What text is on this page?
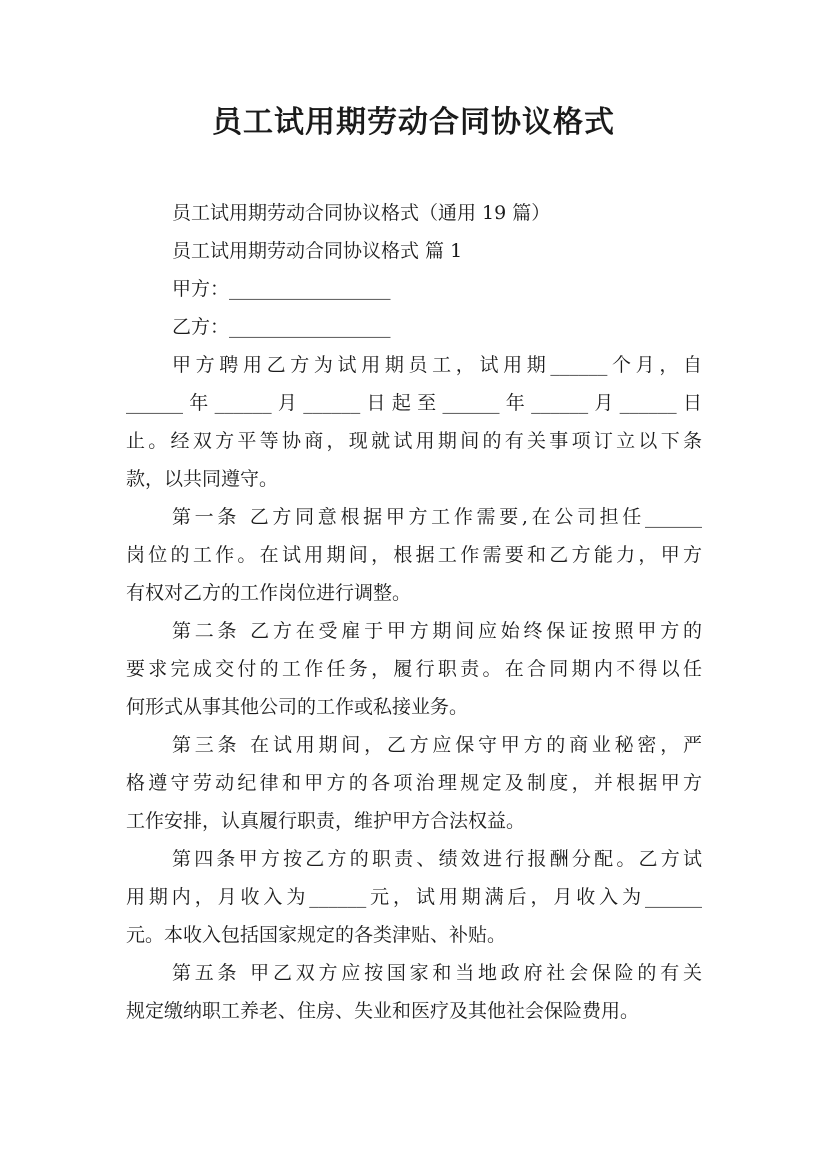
员工试用期劳动合同协议格式

员工试用期劳动合同协议格式（通用 19 篇）

员工试用期劳动合同协议格式 篇 1

甲方：_________________

乙方：_________________

甲方聘用乙方为试用期员工，试用期______个月，自

______年______月______日起至______年______月______日

止。经双方平等协商，现就试用期间的有关事项订立以下条

款，以共同遵守。

第一条 乙方同意根据甲方工作需要,在公司担任______

岗位的工作。在试用期间，根据工作需要和乙方能力，甲方

有权对乙方的工作岗位进行调整。

第二条 乙方在受雇于甲方期间应始终保证按照甲方的

要求完成交付的工作任务，履行职责。在合同期内不得以任

何形式从事其他公司的工作或私接业务。

第三条 在试用期间，乙方应保守甲方的商业秘密，严

格遵守劳动纪律和甲方的各项治理规定及制度，并根据甲方

工作安排，认真履行职责，维护甲方合法权益。

第四条甲方按乙方的职责、绩效进行报酬分配。乙方试

用期内，月收入为______元，试用期满后，月收入为______

元。本收入包括国家规定的各类津贴、补贴。

第五条 甲乙双方应按国家和当地政府社会保险的有关

规定缴纳职工养老、住房、失业和医疗及其他社会保险费用。
